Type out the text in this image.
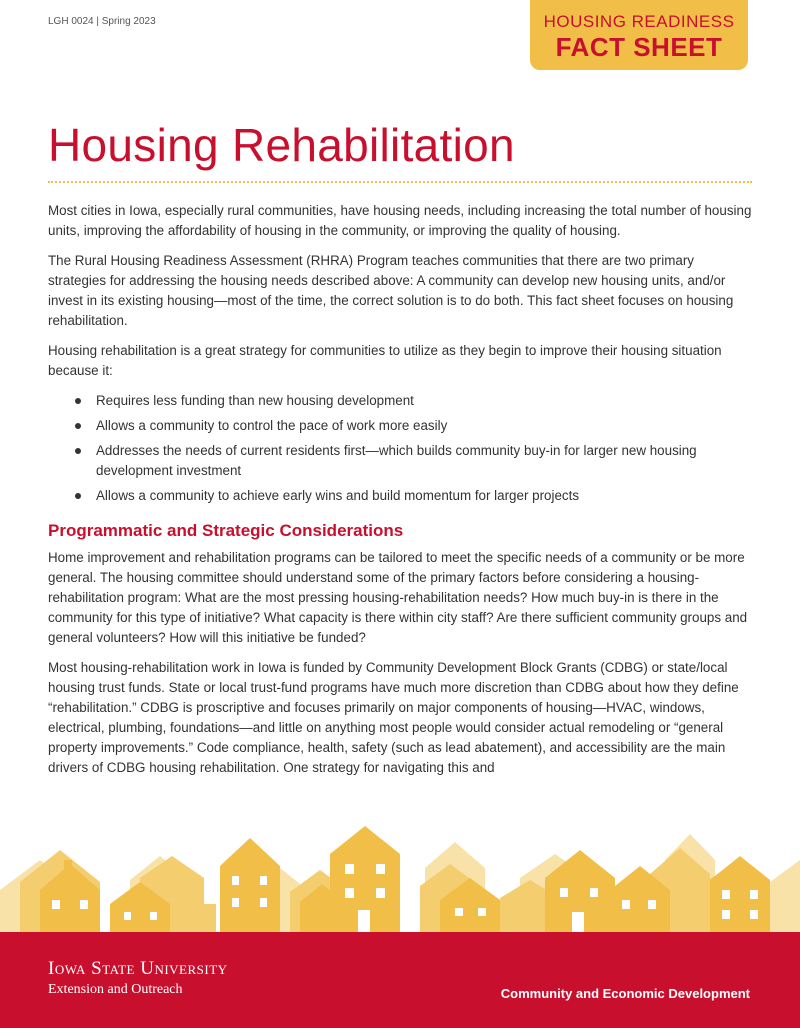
LGH 0024 | Spring 2023	HOUSING READINESS
FACT SHEET
Housing Rehabilitation

Most cities in Iowa, especially rural communities, have housing needs, including increasing the total number of housing units, improving the affordability of housing in the community, or improving the quality of housing.

The Rural Housing Readiness Assessment (RHRA) Program teaches communities that there are two primary strategies for addressing the housing needs described above: A community can develop new housing units, and/or invest in its existing housing—most of the time, the correct solution is to do both. This fact sheet focuses on housing rehabilitation.

Housing rehabilitation is a great strategy for communities to utilize as they begin to improve their housing situation because it:

Requires less funding than new housing development
Allows a community to control the pace of work more easily
Addresses the needs of current residents first—which builds community buy-in for larger new housing development investment
Allows a community to achieve early wins and build momentum for larger projects
Programmatic and Strategic Considerations

Home improvement and rehabilitation programs can be tailored to meet the specific needs of a community or be more general. The housing committee should understand some of the primary factors before considering a housing-rehabilitation program: What are the most pressing housing-rehabilitation needs? How much buy-in is there in the community for this type of initiative? What capacity is there within city staff? Are there sufficient community groups and general volunteers? How will this initiative be funded?

Most housing-rehabilitation work in Iowa is funded by Community Development Block Grants (CDBG) or state/local housing trust funds. State or local trust-fund programs have much more discretion than CDBG about how they define “rehabilitation.” CDBG is proscriptive and focuses primarily on major components of housing—HVAC, windows, electrical, plumbing, foundations—and little on anything most people would consider actual remodeling or “general property improvements.” Code compliance, health, safety (such as lead abatement), and accessibility are the main drivers of CDBG housing rehabilitation. One strategy for navigating this and

Iowa State University
Extension and Outreach	Community and Economic Development
